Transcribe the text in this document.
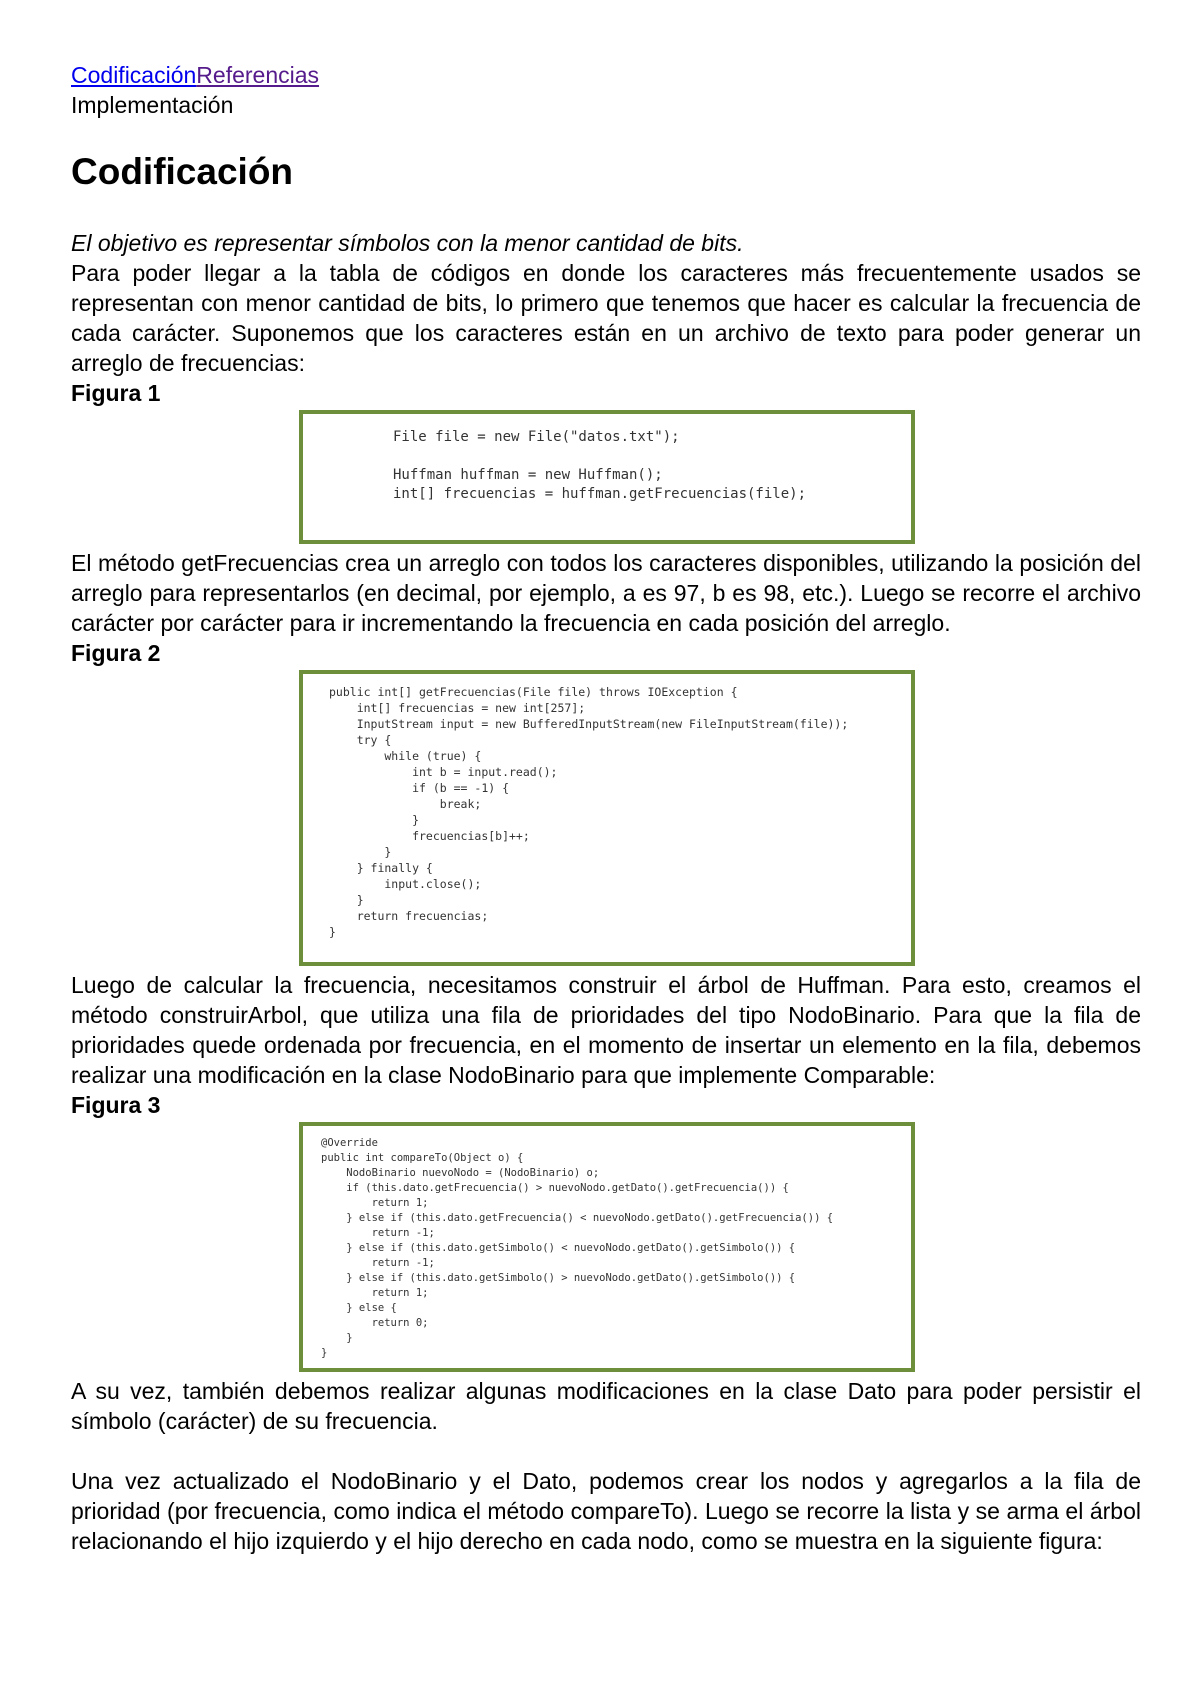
CodificaciónReferencias
Implementación
Codificación

El objetivo es representar símbolos con la menor cantidad de bits.

Para poder llegar a la tabla de códigos en donde los caracteres más frecuentemente usados se representan con menor cantidad de bits, lo primero que tenemos que hacer es calcular la frecuencia de cada carácter. Suponemos que los caracteres están en un archivo de texto para poder generar un arreglo de frecuencias:

Figura 1

File file = new File("datos.txt");

Huffman huffman = new Huffman();
int[] frecuencias = huffman.getFrecuencias(file);

El método getFrecuencias crea un arreglo con todos los caracteres disponibles, utilizando la posición del arreglo para representarlos (en decimal, por ejemplo, a es 97, b es 98, etc.). Luego se recorre el archivo carácter por carácter para ir incrementando la frecuencia en cada posición del arreglo.

Figura 2

public int[] getFrecuencias(File file) throws IOException {
int[] frecuencias = new int[257];
InputStream input = new BufferedInputStream(new FileInputStream(file));
try {
while (true) {
int b = input.read();
if (b == -1) {
break;
}
frecuencias[b]++;
}
} finally {
input.close();
}
return frecuencias;
}

Luego de calcular la frecuencia, necesitamos construir el árbol de Huffman. Para esto, creamos el método construirArbol, que utiliza una fila de prioridades del tipo NodoBinario. Para que la fila de prioridades quede ordenada por frecuencia, en el momento de insertar un elemento en la fila, debemos realizar una modificación en la clase NodoBinario para que implemente Comparable:

Figura 3

@Override
public int compareTo(Object o) {
NodoBinario nuevoNodo = (NodoBinario) o;
if (this.dato.getFrecuencia() > nuevoNodo.getDato().getFrecuencia()) {
return 1;
} else if (this.dato.getFrecuencia() < nuevoNodo.getDato().getFrecuencia()) {
return -1;
} else if (this.dato.getSimbolo() < nuevoNodo.getDato().getSimbolo()) {
return -1;
} else if (this.dato.getSimbolo() > nuevoNodo.getDato().getSimbolo()) {
return 1;
} else {
return 0;
}
}

A su vez, también debemos realizar algunas modificaciones en la clase Dato para poder persistir el símbolo (carácter) de su frecuencia.

Una vez actualizado el NodoBinario y el Dato, podemos crear los nodos y agregarlos a la fila de prioridad (por frecuencia, como indica el método compareTo). Luego se recorre la lista y se arma el árbol relacionando el hijo izquierdo y el hijo derecho en cada nodo, como se muestra en la siguiente figura:
